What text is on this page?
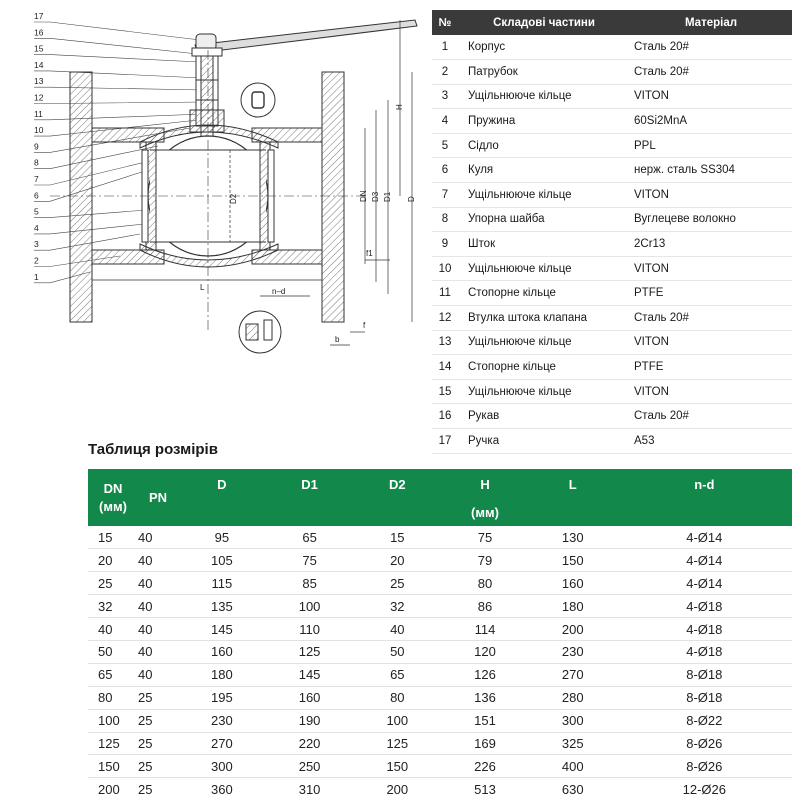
17
16
15
14
13
12
11
10
9
8
7
6
5
4
3
2
1
L
D2	DN D3 D1 D
H
n–d
f1
f
b
№	Складові частини	Матеріал
1	Корпус	Сталь 20#
2	Патрубок	Сталь 20#
3	Ущільнююче кільце	VITON
4	Пружина	60Si2MnA
5	Сідло	PPL
6	Куля	нерж. сталь SS304
7	Ущільнююче кільце	VITON
8	Упорна шайба	Вуглецеве волокно
9	Шток	2Cr13
10	Ущільнююче кільце	VITON
11	Стопорне кільце	PTFE
12	Втулка штока клапана	Сталь 20#
13	Ущільнююче кільце	VITON
14	Стопорне кільце	PTFE
15	Ущільнююче кільце	VITON
16	Рукав	Сталь 20#
17	Ручка	A53
Таблиця розмірів
DN
(мм)	PN	D	D1	D2	H	L	n-d
		(мм)					
15	40	95	65	15	75	130	4-Ø14
20	40	105	75	20	79	150	4-Ø14
25	40	115	85	25	80	160	4-Ø14
32	40	135	100	32	86	180	4-Ø18
40	40	145	110	40	114	200	4-Ø18
50	40	160	125	50	120	230	4-Ø18
65	40	180	145	65	126	270	8-Ø18
80	25	195	160	80	136	280	8-Ø18
100	25	230	190	100	151	300	8-Ø22
125	25	270	220	125	169	325	8-Ø26
150	25	300	250	150	226	400	8-Ø26
200	25	360	310	200	513	630	12-Ø26
